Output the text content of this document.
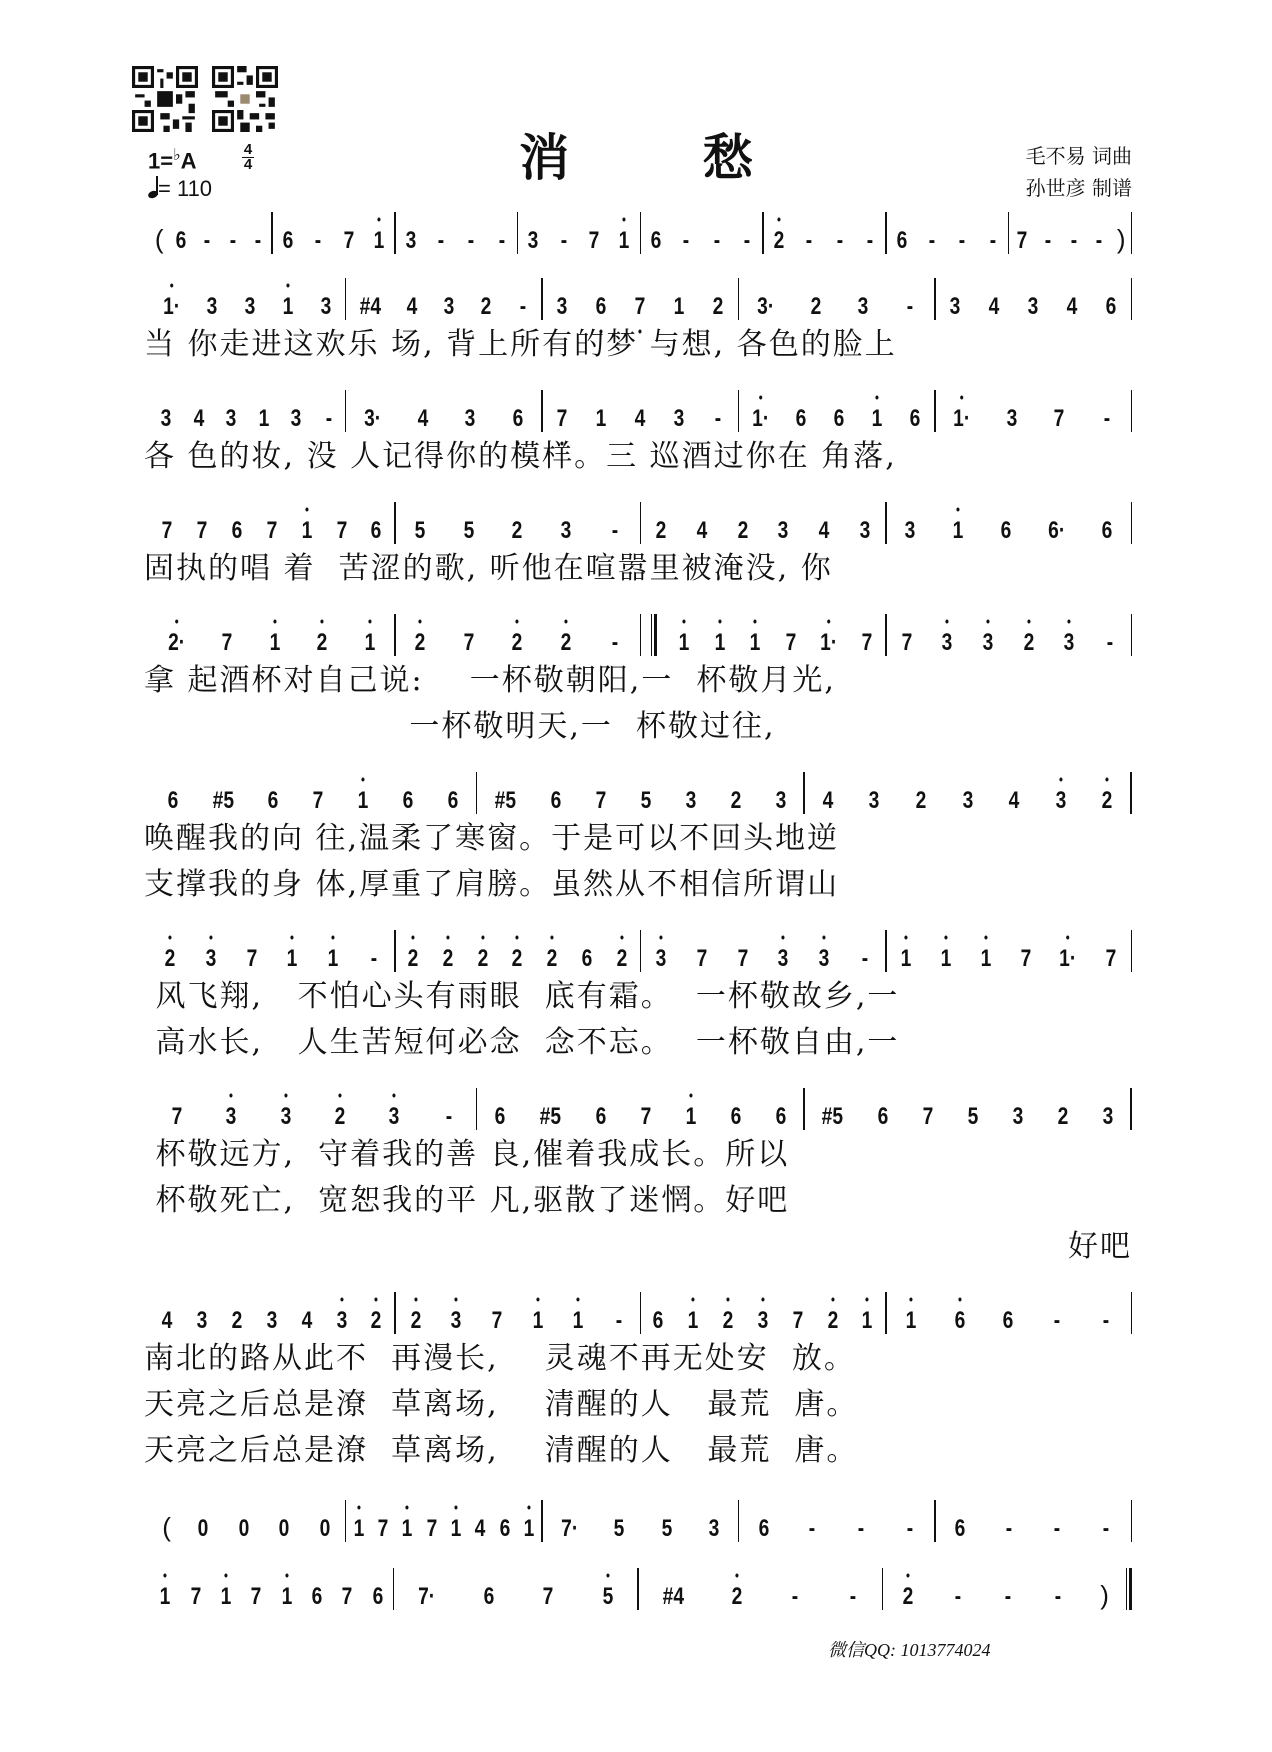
1=♭A	4
4
= 110
消 愁	毛不易 词曲
孙世彦 制谱
( 6 - - - 6 - 7 • 1 3 - - - 3 - 7 • 1 6 - - - • 2 - - - 6 - - - 7 - - - )
• 1· 3 3 • 1 3 #4 4 3 2 - 3 6 • 7 • 1 2 3· 2 3 - 3 4 3 4 6
当 你走进这欢乐 场, 背上所有的梦 与想, 各色的脸上
3 4 3 1 3 - 3· 4 3 6 • 7 • 1 4 3 - • 1· 6 6 • 1 6 • 1· 3 7 -
各 色的妆, 没 人记得你的模样。三 巡酒过你在 角落,
7 7 6 7 • 1 7 6 5 5 2 3 - 2 4 2 3 4 3 3 • 1 6 6· 6
固执的唱 着  苦涩的歌, 听他在喧嚣里被淹没, 你
• 2· 7 • 1 • 2 • 1 • 2 7 • 2 • 2 -	• 1 • 1 • 1 7 • 1· 7 7 • 3 • 3 • 2 • 3 -
拿 起酒杯对自己说:    一杯敬朝阳,一  杯敬月光,
一杯敬明天,一  杯敬过往,
6 #5 6 7 • 1 6 6 #5 6 7 5 3 2 3 4 3 2 3 4 • 3 • 2
唤醒我的向 往,温柔了寒窗。于是可以不回头地逆
支撑我的身 体,厚重了肩膀。虽然从不相信所谓山
• 2 • 3 7 • 1 • 1 - • 2 • 2 • 2 • 2 • 2 6 • 2 • 3 7 7 • 3 • 3 - • 1 • 1 • 1 7 • 1· 7
风飞翔,   不怕心头有雨眼  底有霜。  一杯敬故乡,一
高水长,   人生苦短何必念  念不忘。  一杯敬自由,一
7 • 3 • 3 • 2 • 3 - 6 #5 6 7 • 1 6 6 #5 6 7 5 3 2 3
杯敬远方,  守着我的善 良,催着我成长。所以
杯敬死亡,  宽恕我的平 凡,驱散了迷惘。好吧
好吧
4 3 2 3 4 • 3 • 2 • 2 • 3 7 • 1 • 1 - 6 • 1 • 2 • 3 7 • 2 • 1 • 1 • 6 6 - -
南北的路从此不  再漫长,    灵魂不再无处安  放。
天亮之后总是潦  草离场,    清醒的人   最荒  唐。
天亮之后总是潦  草离场,    清醒的人   最荒  唐。
( 0 0 0 0 • 1 7 • 1 7 • 1 4 6 • 1 7· 5 5 3 6 - - - 6 - - -
• 1 7 • 1 7 • 1 6 7 6 7· 6 7 • 5 #4 • 2 - - • 2 - - - )
微信QQ: 1013774024
